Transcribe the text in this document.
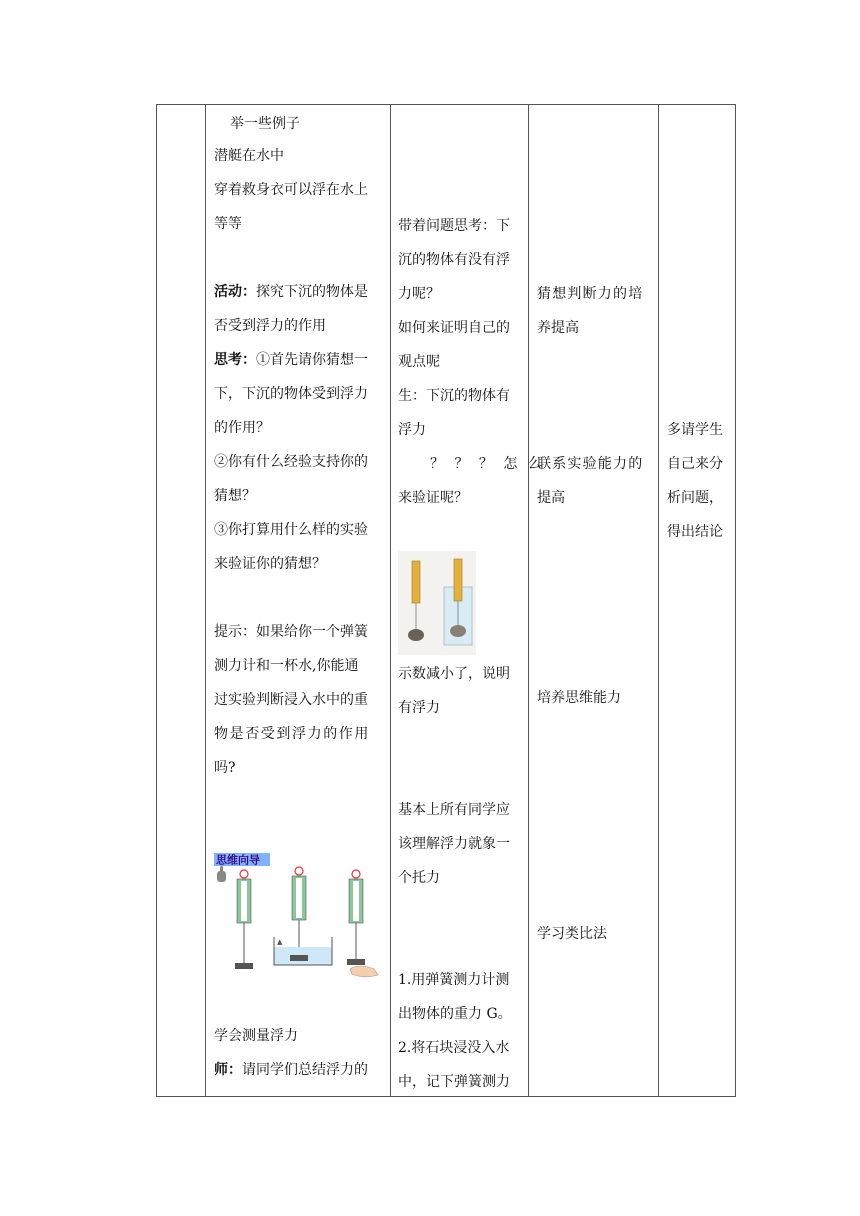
举一些例子
潜艇在水中
穿着救身衣可以浮在水上
等等
活动：探究下沉的物体是
否受到浮力的作用
思考：①首先请你猜想一
下，下沉的物体受到浮力
的作用？
②你有什么经验支持你的
猜想？
③你打算用什么样的实验
来验证你的猜想？
提示：如果给你一个弹簧
测力计和一杯水,你能通
过实验判断浸入水中的重
物是否受到浮力的作用
吗?
思维向导
▲
学会测量浮力
师：请同学们总结浮力的
带着问题思考：下
沉的物体有没有浮
力呢？
如何来证明自己的
观点呢
生：下沉的物体有
浮力
？ ？ ？ 怎 么
来验证呢？
示数减小了，说明
有浮力
基本上所有同学应
该理解浮力就象一
个托力
1.用弹簧测力计测
出物体的重力 G。
2.将石块浸没入水
中，记下弹簧测力
猜想判断力的培
养提高
联系实验能力的
提高
培养思维能力
学习类比法
多请学生
自己来分
析问题，
得出结论
